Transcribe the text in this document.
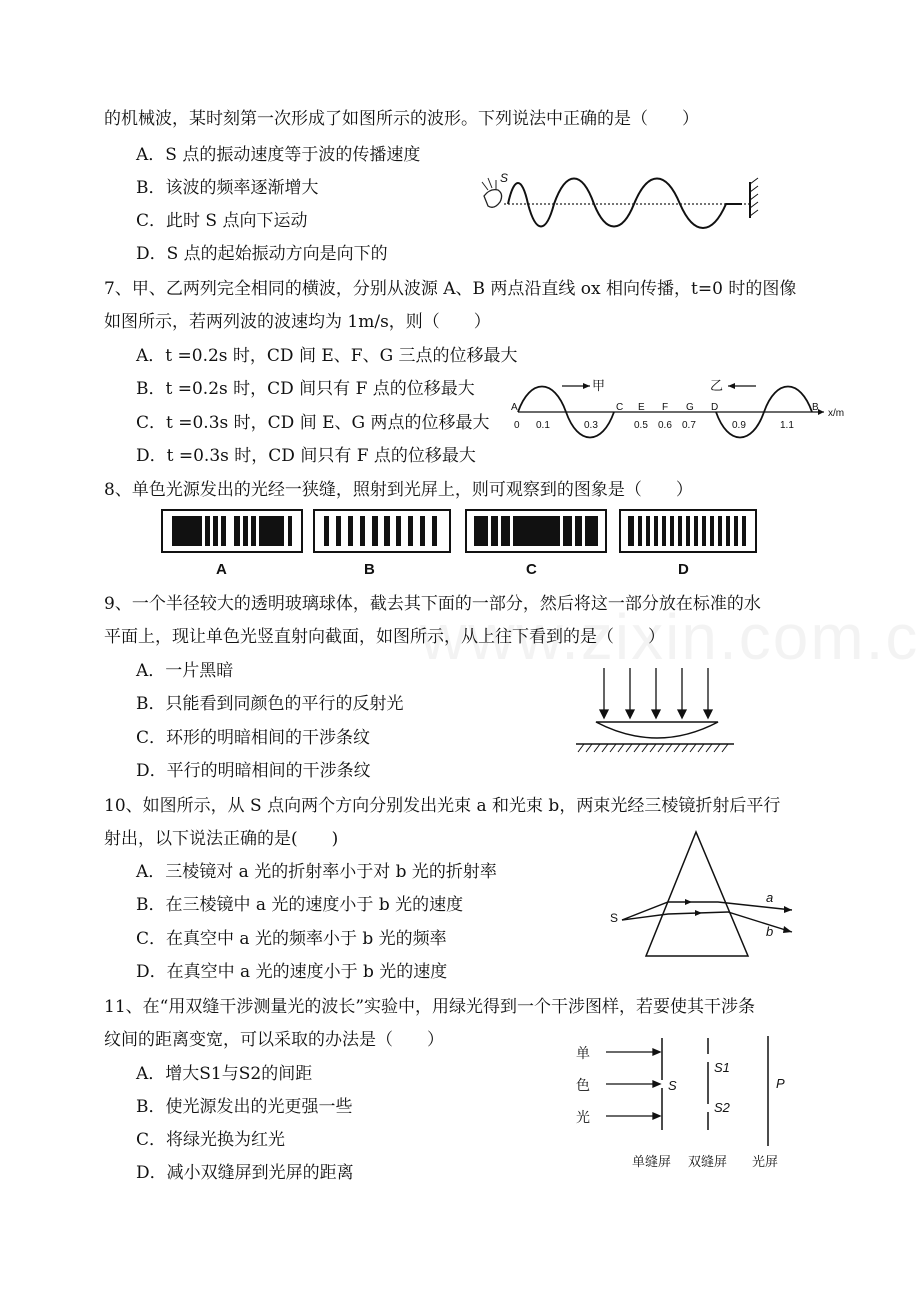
的机械波，某时刻第一次形成了如图所示的波形。下列说法中正确的是（　　）
A．S 点的振动速度等于波的传播速度
B．该波的频率逐渐增大
C．此时 S 点向下运动
D．S 点的起始振动方向是向下的
S
7、甲、乙两列完全相同的横波，分别从波源 A、B 两点沿直线 ox 相向传播，t=0 时的图像
如图所示，若两列波的波速均为 1m/s，则（　　）
A．t =0.2s 时，CD 间 E、F、G 三点的位移最大
B．t =0.2s 时，CD 间只有 F 点的位移最大
C．t =0.3s 时，CD 间 E、G 两点的位移最大
D．t =0.3s 时，CD 间只有 F 点的位移最大
甲	乙
x/m
A	C E F G D	B
0 0.1	0.3	0.5 0.6 0.7	0.9	1.1
8、单色光源发出的光经一狭缝，照射到光屏上，则可观察到的图象是（　　）
A	B	C	D
9、一个半径较大的透明玻璃球体，截去其下面的一部分，然后将这一部分放在标准的水
平面上，现让单色光竖直射向截面，如图所示，从上往下看到的是（　　）
A．一片黑暗
B．只能看到同颜色的平行的反射光
C．环形的明暗相间的干涉条纹
D．平行的明暗相间的干涉条纹
10、如图所示，从 S 点向两个方向分别发出光束 a 和光束 b，两束光经三棱镜折射后平行
射出，以下说法正确的是(　　)
A．三棱镜对 a 光的折射率小于对 b 光的折射率
B．在三棱镜中 a 光的速度小于 b 光的速度
C．在真空中 a 光的频率小于 b 光的频率
D．在真空中 a 光的速度小于 b 光的速度
S
a
b
11、在“用双缝干涉测量光的波长”实验中，用绿光得到一个干涉图样，若要使其干涉条
纹间的距离变宽，可以采取的办法是（　　）
A．增大S1与S2的间距
B．使光源发出的光更强一些
C．将绿光换为红光
D．减小双缝屏到光屏的距离
单
色
光
S
S1
S2
P
单缝屏 双缝屏 光屏
